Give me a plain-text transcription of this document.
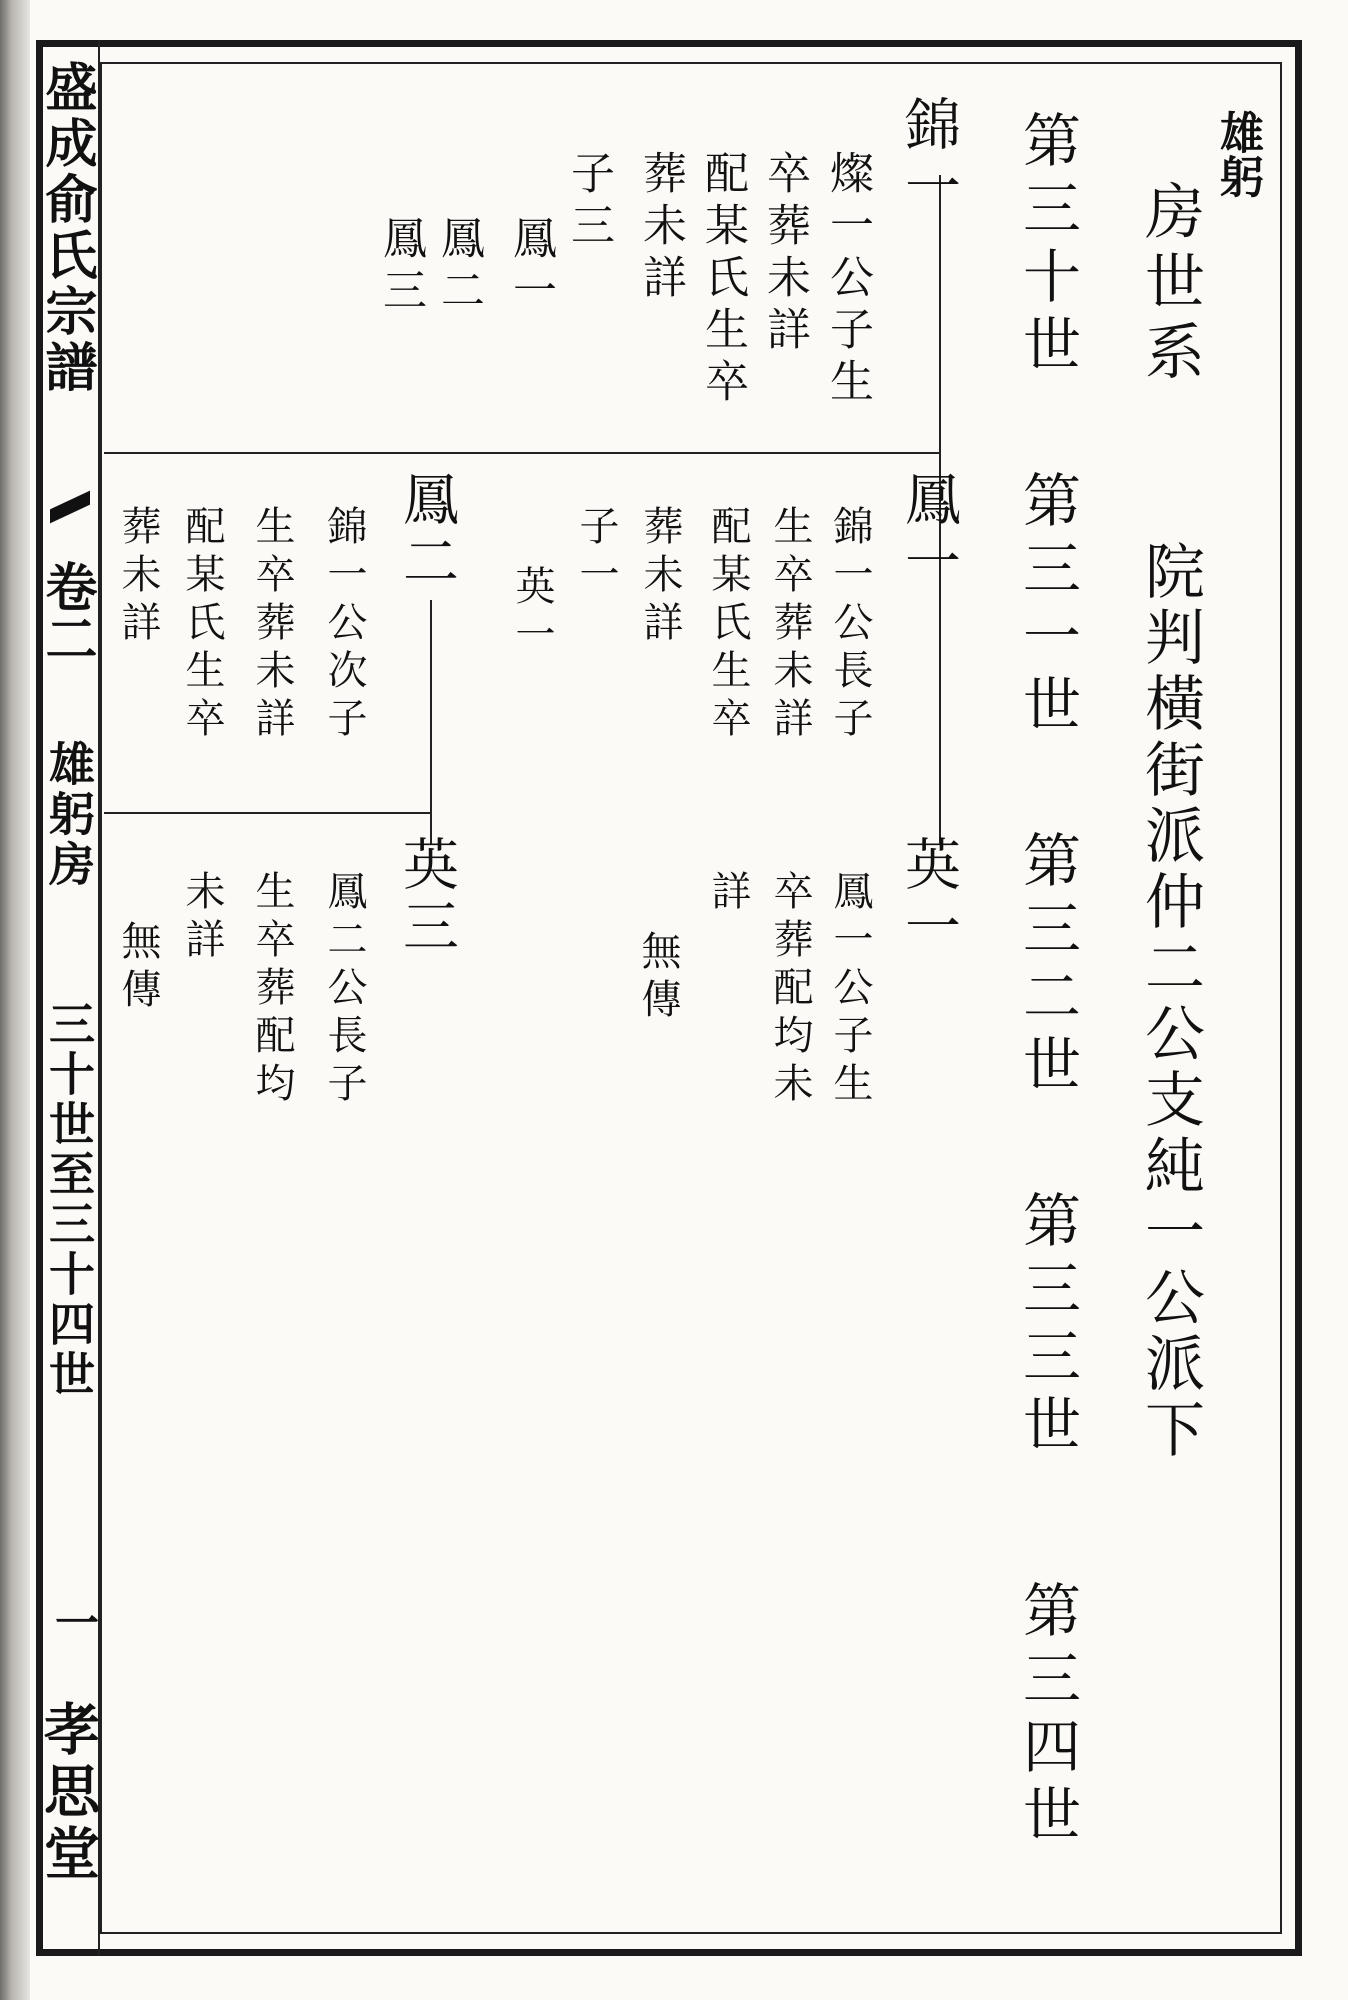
盛成俞氏宗譜
卷二
雄躬房
三十世至三十四世
一
孝思堂
雄躬
房世系
院判橫街派仲二公支純一公派下
第三十世
第三一世
第三二世
第三三世
第三四世
錦一
燦一公子生
卒葬未詳
配某氏生卒
葬未詳
子三
鳳一
鳳二
鳳三
鳳一
錦一公長子
生卒葬未詳
配某氏生卒
葬未詳
子一
英一
鳳二
錦一公次子
生卒葬未詳
配某氏生卒
葬未詳
英一
鳳一公子生
卒葬配均未
詳
無傳
英三
鳳二公長子
生卒葬配均
未詳
無傳
